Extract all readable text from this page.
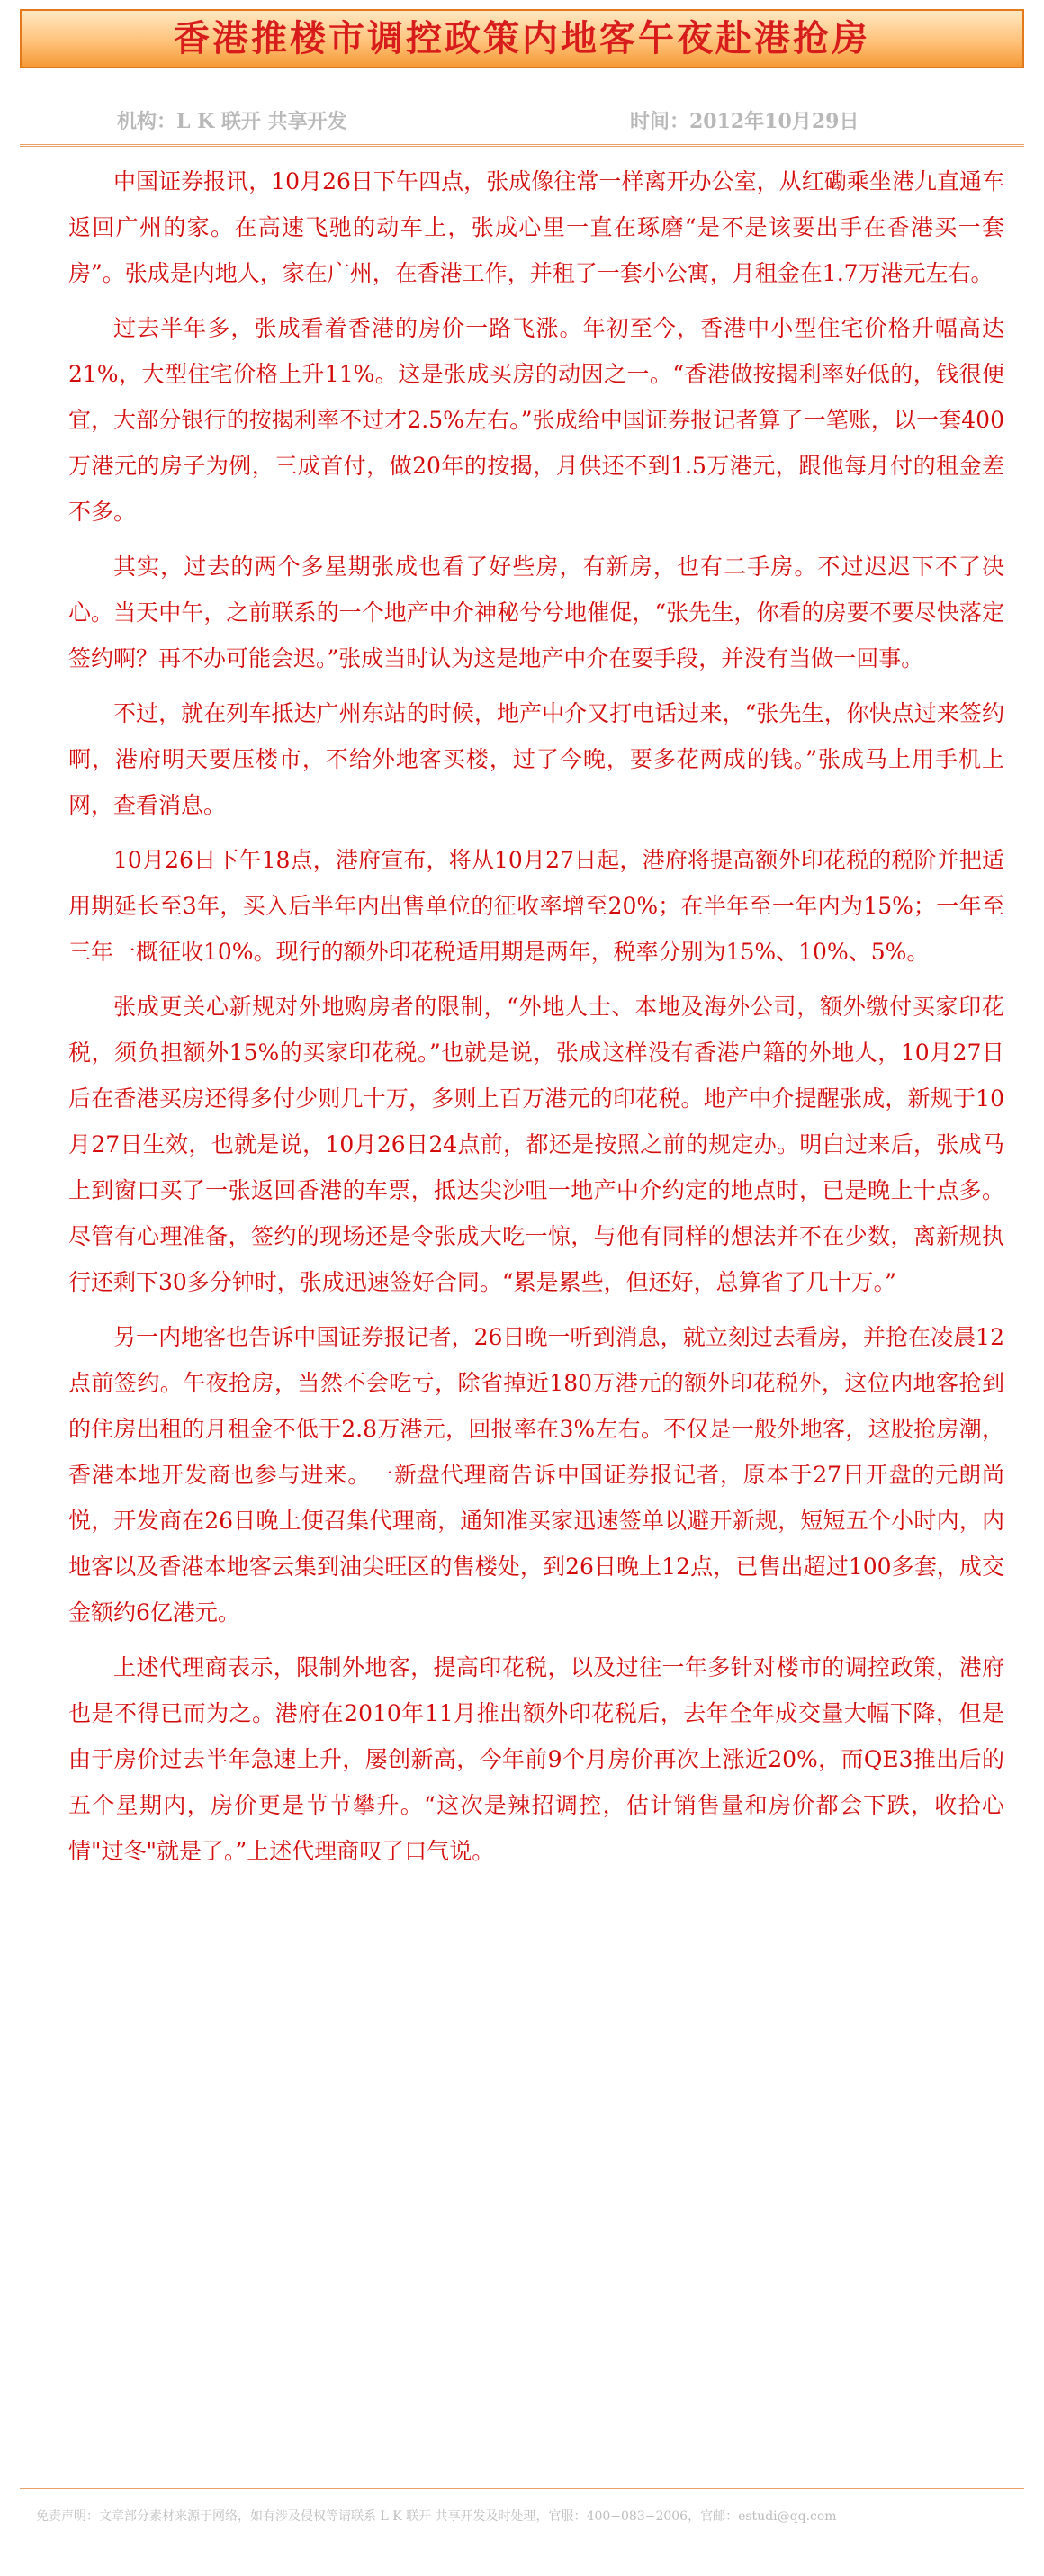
香港推楼市调控政策内地客午夜赴港抢房
机构：L K 联开 共享开发	时间：2012年10月29日

中国证券报讯，10月26日下午四点，张成像往常一样离开办公室，从红磡乘坐港九直通车返回广州的家。在高速飞驰的动车上，张成心里一直在琢磨“是不是该要出手在香港买一套房”。张成是内地人，家在广州，在香港工作，并租了一套小公寓，月租金在1.7万港元左右。

过去半年多，张成看着香港的房价一路飞涨。年初至今，香港中小型住宅价格升幅高达21%，大型住宅价格上升11%。这是张成买房的动因之一。“香港做按揭利率好低的，钱很便宜，大部分银行的按揭利率不过才2.5%左右。”张成给中国证券报记者算了一笔账，以一套400万港元的房子为例，三成首付，做20年的按揭，月供还不到1.5万港元，跟他每月付的租金差不多。

其实，过去的两个多星期张成也看了好些房，有新房，也有二手房。不过迟迟下不了决心。当天中午，之前联系的一个地产中介神秘兮兮地催促，“张先生，你看的房要不要尽快落定签约啊？再不办可能会迟。”张成当时认为这是地产中介在耍手段，并没有当做一回事。

不过，就在列车抵达广州东站的时候，地产中介又打电话过来，“张先生，你快点过来签约啊，港府明天要压楼市，不给外地客买楼，过了今晚，要多花两成的钱。”张成马上用手机上网，查看消息。

10月26日下午18点，港府宣布，将从10月27日起，港府将提高额外印花税的税阶并把适用期延长至3年，买入后半年内出售单位的征收率增至20%；在半年至一年内为15%；一年至三年一概征收10%。现行的额外印花税适用期是两年，税率分别为15%、10%、5%。

张成更关心新规对外地购房者的限制，“外地人士、本地及海外公司，额外缴付买家印花税，须负担额外15%的买家印花税。”也就是说，张成这样没有香港户籍的外地人，10月27日后在香港买房还得多付少则几十万，多则上百万港元的印花税。地产中介提醒张成，新规于10月27日生效，也就是说，10月26日24点前，都还是按照之前的规定办。明白过来后，张成马上到窗口买了一张返回香港的车票，抵达尖沙咀一地产中介约定的地点时，已是晚上十点多。尽管有心理准备，签约的现场还是令张成大吃一惊，与他有同样的想法并不在少数，离新规执行还剩下30多分钟时，张成迅速签好合同。“累是累些，但还好，总算省了几十万。”

另一内地客也告诉中国证券报记者，26日晚一听到消息，就立刻过去看房，并抢在凌晨12点前签约。午夜抢房，当然不会吃亏，除省掉近180万港元的额外印花税外，这位内地客抢到的住房出租的月租金不低于2.8万港元，回报率在3%左右。不仅是一般外地客，这股抢房潮，香港本地开发商也参与进来。一新盘代理商告诉中国证券报记者，原本于27日开盘的元朗尚悦，开发商在26日晚上便召集代理商，通知准买家迅速签单以避开新规，短短五个小时内，内地客以及香港本地客云集到油尖旺区的售楼处，到26日晚上12点，已售出超过100多套，成交金额约6亿港元。

上述代理商表示，限制外地客，提高印花税，以及过往一年多针对楼市的调控政策，港府也是不得已而为之。港府在2010年11月推出额外印花税后，去年全年成交量大幅下降，但是由于房价过去半年急速上升，屡创新高，今年前9个月房价再次上涨近20%，而QE3推出后的五个星期内，房价更是节节攀升。“这次是辣招调控，估计销售量和房价都会下跌，收拾心情"过冬"就是了。”上述代理商叹了口气说。

免责声明：文章部分素材来源于网络，如有涉及侵权等请联系 L K 联开 共享开发及时处理，官服：400−083−2006，官邮：estudi@qq.com
